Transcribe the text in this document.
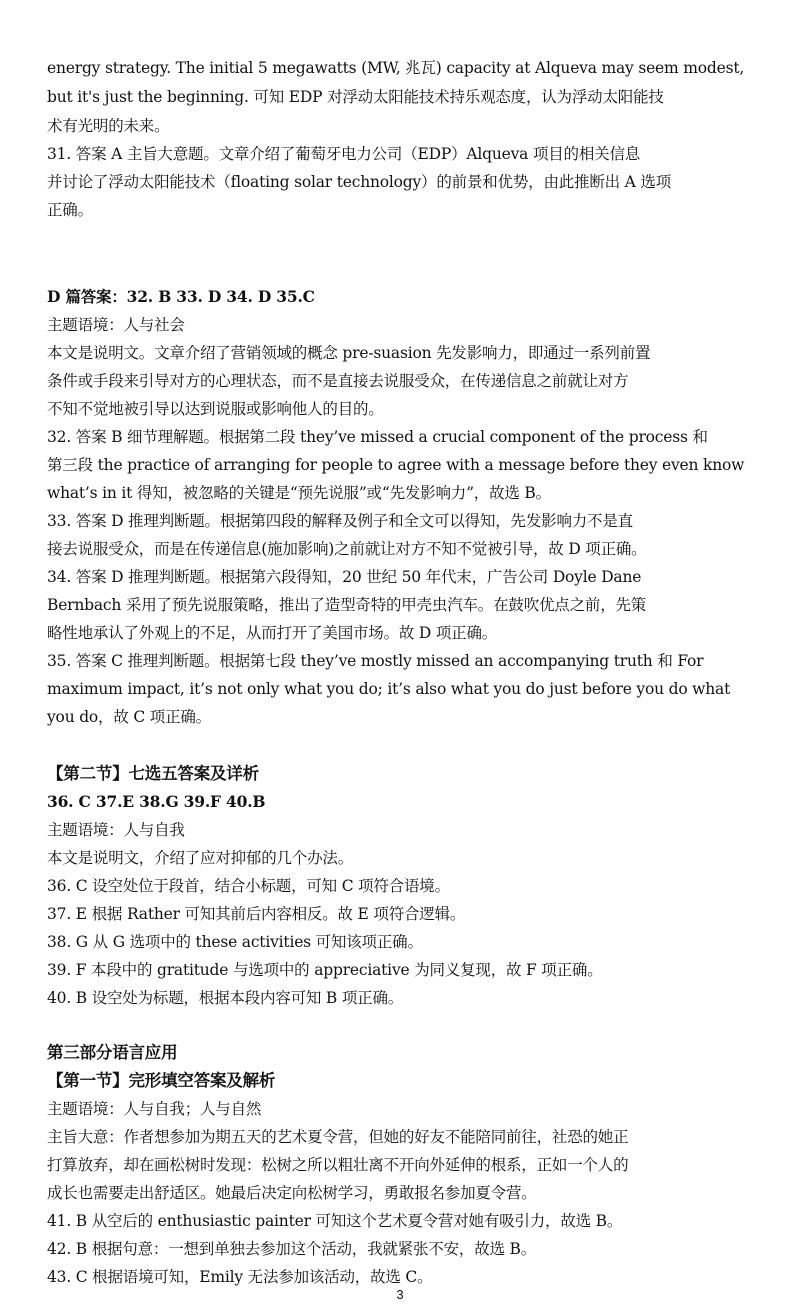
energy strategy. The initial 5 megawatts (MW, 兆瓦) capacity at Alqueva may seem modest,
but it's just the beginning. 可知 EDP 对浮动太阳能技术持乐观态度，认为浮动太阳能技
术有光明的未来。
31. 答案 A 主旨大意题。文章介绍了葡萄牙电力公司（EDP）Alqueva 项目的相关信息
并讨论了浮动太阳能技术（floating solar technology）的前景和优势，由此推断出 A 选项
正确。
D 篇答案：32. B 33. D 34. D 35.C
主题语境：人与社会
本文是说明文。文章介绍了营销领域的概念 pre-suasion 先发影响力，即通过一系列前置
条件或手段来引导对方的心理状态，而不是直接去说服受众，在传递信息之前就让对方
不知不觉地被引导以达到说服或影响他人的目的。
32. 答案 B 细节理解题。根据第二段 they’ve missed a crucial component of the process 和
第三段 the practice of arranging for people to agree with a message before they even know
what’s in it 得知，被忽略的关键是“预先说服”或“先发影响力”，故选 B。
33. 答案 D 推理判断题。根据第四段的解释及例子和全文可以得知，先发影响力不是直
接去说服受众，而是在传递信息(施加影响)之前就让对方不知不觉被引导，故 D 项正确。
34. 答案 D 推理判断题。根据第六段得知，20 世纪 50 年代末，广告公司 Doyle Dane
Bernbach 采用了预先说服策略，推出了造型奇特的甲壳虫汽车。在鼓吹优点之前，先策
略性地承认了外观上的不足，从而打开了美国市场。故 D 项正确。
35. 答案 C 推理判断题。根据第七段 they’ve mostly missed an accompanying truth 和 For
maximum impact, it’s not only what you do; it’s also what you do just before you do what
you do，故 C 项正确。
【第二节】七选五答案及详析
36. C 37.E 38.G 39.F 40.B
主题语境：人与自我
本文是说明文，介绍了应对抑郁的几个办法。
36. C 设空处位于段首，结合小标题，可知 C 项符合语境。
37. E 根据 Rather 可知其前后内容相反。故 E 项符合逻辑。
38. G 从 G 选项中的 these activities 可知该项正确。
39. F 本段中的 gratitude 与选项中的 appreciative 为同义复现，故 F 项正确。
40. B 设空处为标题，根据本段内容可知 B 项正确。
第三部分语言应用
【第一节】完形填空答案及解析
主题语境：人与自我；人与自然
主旨大意：作者想参加为期五天的艺术夏令营，但她的好友不能陪同前往，社恐的她正
打算放弃，却在画松树时发现：松树之所以粗壮离不开向外延伸的根系，正如一个人的
成长也需要走出舒适区。她最后决定向松树学习，勇敢报名参加夏令营。
41. B 从空后的 enthusiastic painter 可知这个艺术夏令营对她有吸引力，故选 B。
42. B 根据句意：一想到单独去参加这个活动，我就紧张不安，故选 B。
43. C 根据语境可知，Emily 无法参加该活动，故选 C。
3
